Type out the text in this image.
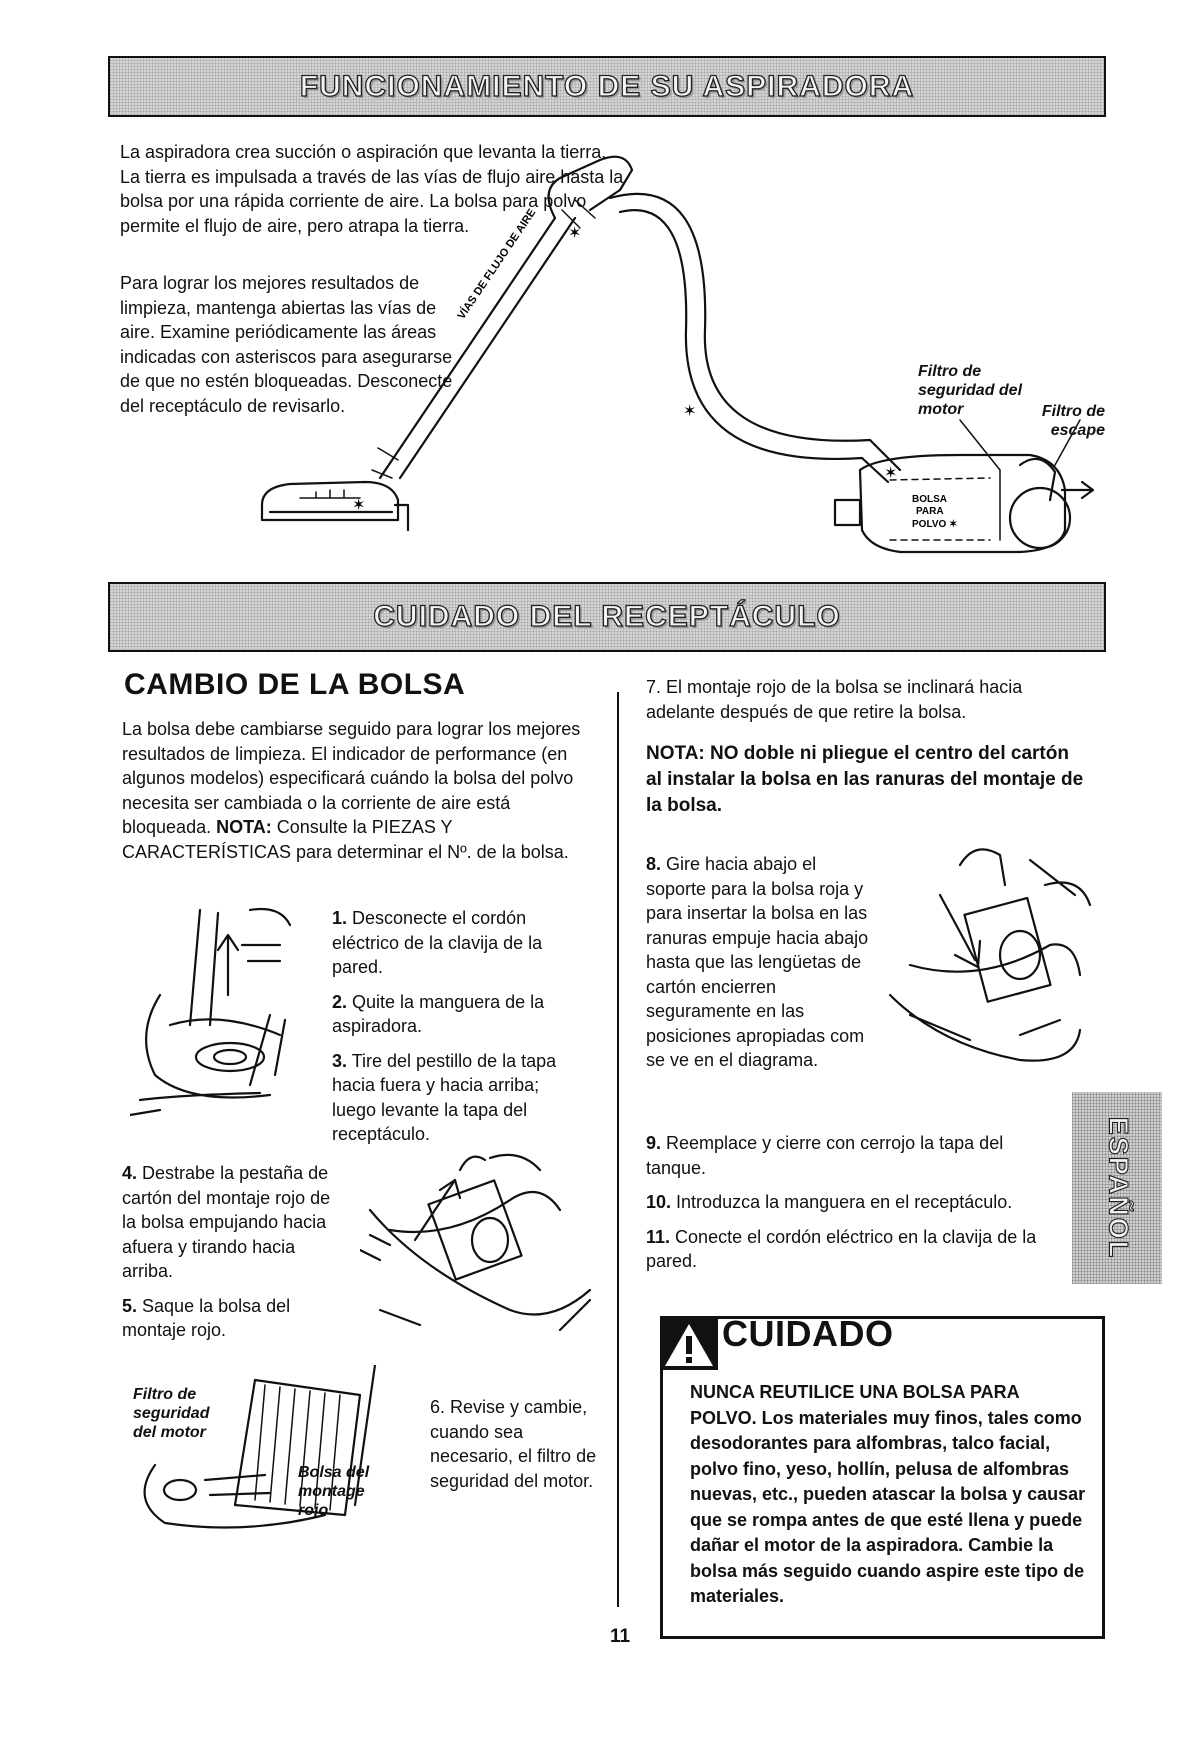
FUNCIONAMIENTO DE SU ASPIRADORA

La aspiradora crea succión o aspiración que levanta la tierra. La tierra es impulsada a través de las vías de flujo aire hasta la bolsa por una rápida corriente de aire. La bolsa para polvo permite el flujo de aire, pero atrapa la tierra.

Para lograr los mejores resultados de limpieza, mantenga abiertas las vías de aire. Examine periódicamente las áreas indicadas con asteriscos para asegurarse de que no estén bloqueadas. Desconecte del receptáculo de revisarlo.

✶
VÍAS DE FLUJO DE AIRE ✶
✶
BOLSA
PARA
POLVO ✶
✶
Filtro de seguridad del motor	Filtro de escape
CUIDADO DEL RECEPTÁCULO
CAMBIO DE LA BOLSA
La bolsa debe cambiarse seguido para lograr los mejores resultados de limpieza. El indicador de performance (en algunos modelos) especificará cuándo la bolsa del polvo necesita ser cambiada o la corriente de aire está bloqueada. NOTA: Consulte la PIEZAS Y CARACTERÍSTICAS para determinar el Nº. de la bolsa.

1. Desconecte el cordón eléctrico de la clavija de la pared.

2. Quite la manguera de la aspiradora.

3. Tire del pestillo de la tapa hacia fuera y hacia arriba; luego levante la tapa del receptáculo.

4. Destrabe la pestaña de cartón del montaje rojo de la bolsa empujando hacia afuera y tirando hacia arriba.

5. Saque la bolsa del montaje rojo.

Filtro de seguridad del motor
Bolsa del montage rojo

6. Revise y cambie, cuando sea necesario, el filtro de seguridad del motor.

7. El montaje rojo de la bolsa se inclinará hacia adelante después de que retire la bolsa.

NOTA: NO doble ni pliegue el centro del cartón al instalar la bolsa en las ranuras del montaje de la bolsa.

8. Gire hacia abajo el soporte para la bolsa roja y para insertar la bolsa en las ranuras empuje hacia abajo hasta que las lengüetas de cartón encierren seguramente en las posiciones apropiadas com se ve en el diagrama.

9. Reemplace y cierre con cerrojo la tapa del tanque.

10. Introduzca la manguera en el receptáculo.

11. Conecte el cordón eléctrico en la clavija de la pared.

ESPAÑOL
CUIDADO
NUNCA REUTILICE UNA BOLSA PARA POLVO. Los materiales muy finos, tales como desodorantes para alfombras, talco facial, polvo fino, yeso, hollín, pelusa de alfombras nuevas, etc., pueden atascar la bolsa y causar que se rompa antes de que esté llena y puede dañar el motor de la aspiradora. Cambie la bolsa más seguido cuando aspire este tipo de materiales.
11
